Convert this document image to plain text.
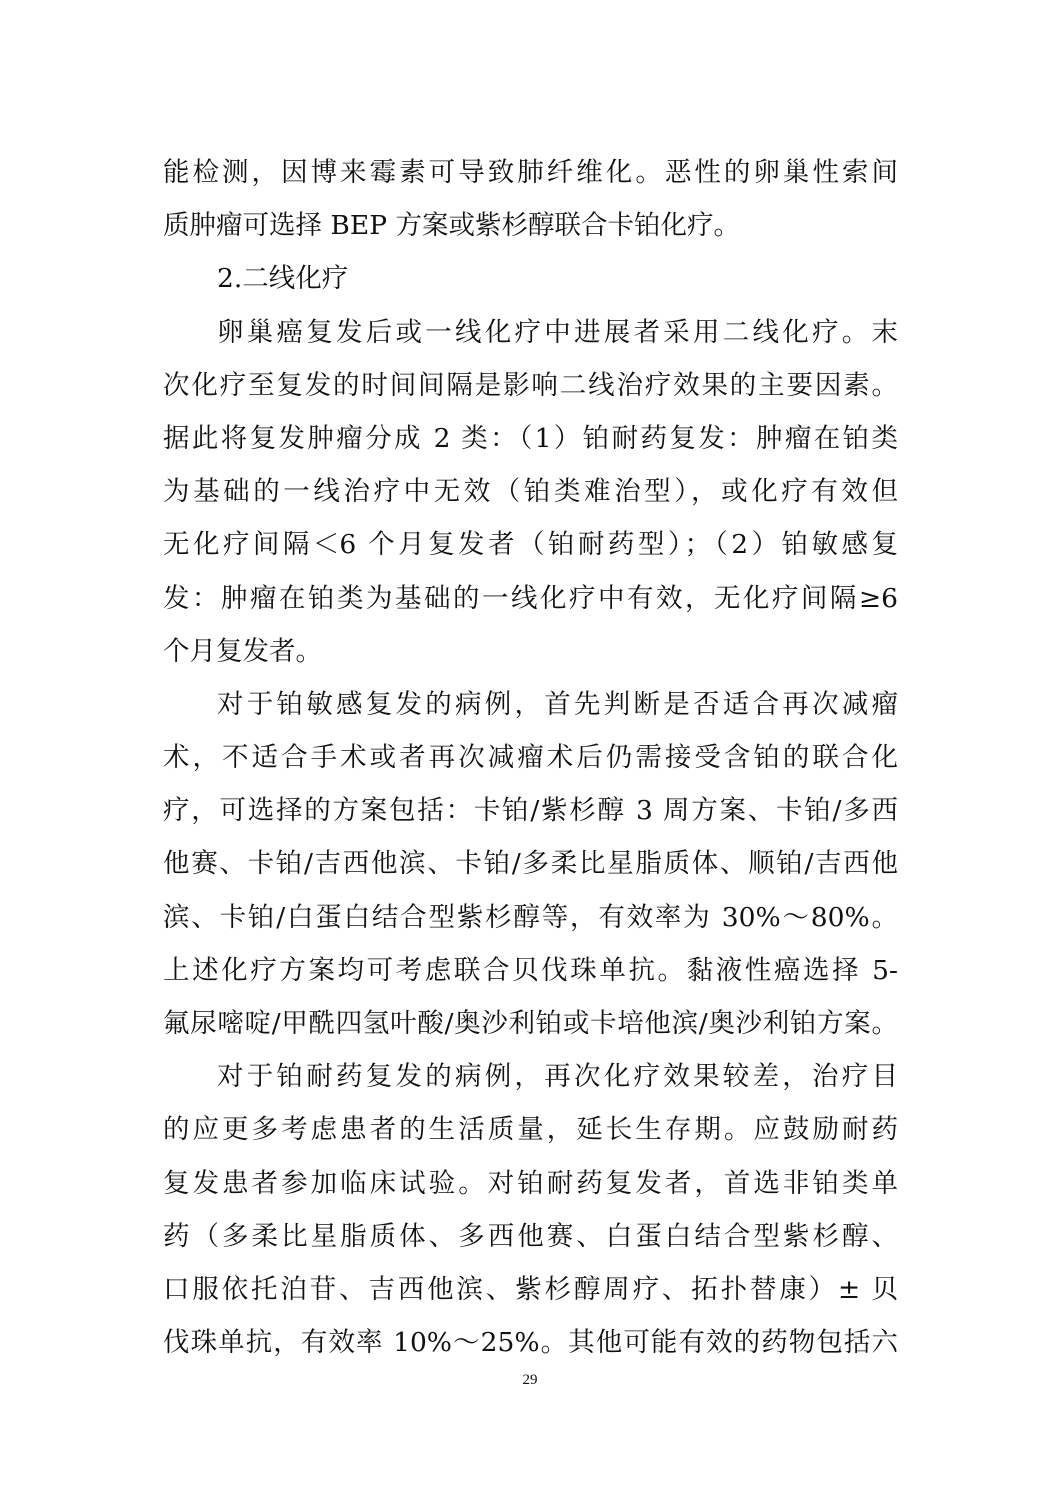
能检测，因博来霉素可导致肺纤维化。恶性的卵巢性索间
质肿瘤可选择 BEP 方案或紫杉醇联合卡铂化疗。
2.二线化疗
卵巢癌复发后或一线化疗中进展者采用二线化疗。末
次化疗至复发的时间间隔是影响二线治疗效果的主要因素。
据此将复发肿瘤分成 2 类：（1）铂耐药复发：肿瘤在铂类
为基础的一线治疗中无效（铂类难治型），或化疗有效但
无化疗间隔＜6 个月复发者（铂耐药型）；（2）铂敏感复
发：肿瘤在铂类为基础的一线化疗中有效，无化疗间隔≥6
个月复发者。
对于铂敏感复发的病例，首先判断是否适合再次减瘤
术，不适合手术或者再次减瘤术后仍需接受含铂的联合化
疗，可选择的方案包括：卡铂/紫杉醇 3 周方案、卡铂/多西
他赛、卡铂/吉西他滨、卡铂/多柔比星脂质体、顺铂/吉西他
滨、卡铂/白蛋白结合型紫杉醇等，有效率为 30%～80%。
上述化疗方案均可考虑联合贝伐珠单抗。黏液性癌选择 5-
氟尿嘧啶/甲酰四氢叶酸/奥沙利铂或卡培他滨/奥沙利铂方案。
对于铂耐药复发的病例，再次化疗效果较差，治疗目
的应更多考虑患者的生活质量，延长生存期。应鼓励耐药
复发患者参加临床试验。对铂耐药复发者，首选非铂类单
药（多柔比星脂质体、多西他赛、白蛋白结合型紫杉醇、
口服依托泊苷、吉西他滨、紫杉醇周疗、拓扑替康）± 贝
伐珠单抗，有效率 10%～25%。其他可能有效的药物包括六
29
